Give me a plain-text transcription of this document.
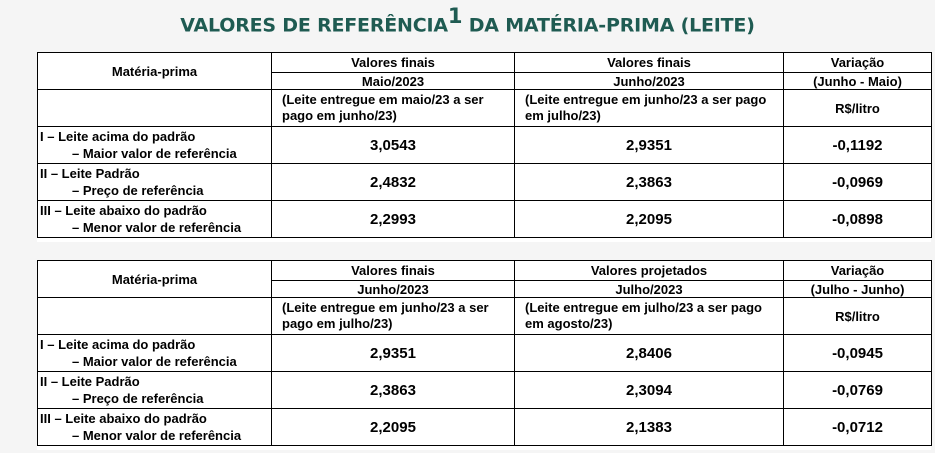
VALORES DE REFERÊNCIA$^1$ DA MATÉRIA-PRIMA (LEITE)
Matéria-prima	Valores finais	Valores finais	Variação
	Maio/2023	Junho/2023	(Junho - Maio)
	(Leite entregue em maio/23 a ser pago em junho/23)	(Leite entregue em junho/23 a ser pago em julho/23)	R$/litro

I – Leite acima do padrão
– Maior valor de referência	3,0543	2,9351	-0,1192

II – Leite Padrão
– Preço de referência	2,4832	2,3863	-0,0969

III – Leite abaixo do padrão
– Menor valor de referência	2,2993	2,2095	-0,0898
Matéria-prima	Valores finais	Valores projetados	Variação
	Junho/2023	Julho/2023	(Julho - Junho)
	(Leite entregue em junho/23 a ser pago em julho/23)	(Leite entregue em julho/23 a ser pago em agosto/23)	R$/litro

I – Leite acima do padrão
– Maior valor de referência	2,9351	2,8406	-0,0945

II – Leite Padrão
– Preço de referência	2,3863	2,3094	-0,0769

III – Leite abaixo do padrão
– Menor valor de referência	2,2095	2,1383	-0,0712
